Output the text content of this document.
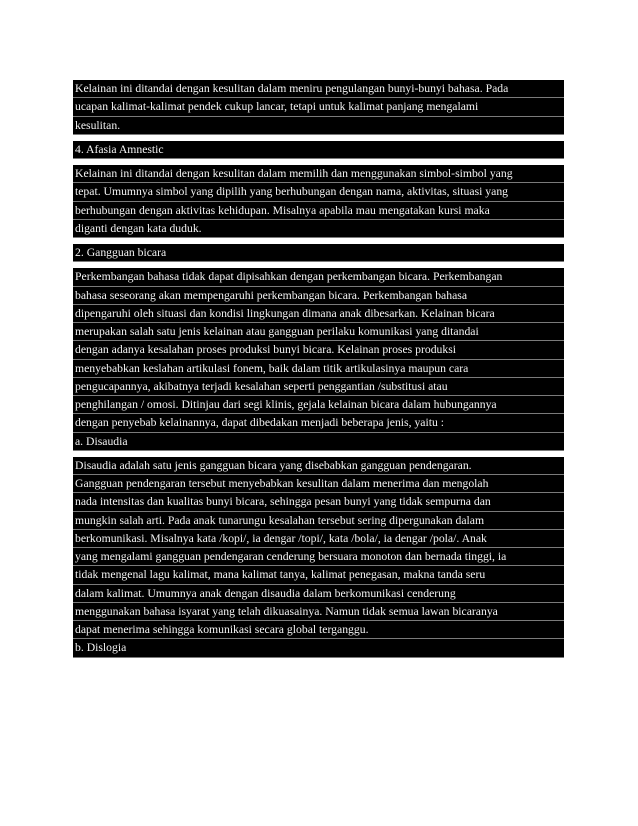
Kelainan ini ditandai dengan kesulitan dalam meniru pengulangan bunyi-bunyi bahasa. Pada
ucapan kalimat-kalimat pendek cukup lancar, tetapi untuk kalimat panjang mengalami
kesulitan.
4. Afasia Amnestic
Kelainan ini ditandai dengan kesulitan dalam memilih dan menggunakan simbol-simbol yang
tepat. Umumnya simbol yang dipilih yang berhubungan dengan nama, aktivitas, situasi yang
berhubungan dengan aktivitas kehidupan. Misalnya apabila mau mengatakan kursi maka
diganti dengan kata duduk.
2. Gangguan bicara
Perkembangan bahasa tidak dapat dipisahkan dengan perkembangan bicara. Perkembangan
bahasa seseorang akan mempengaruhi perkembangan bicara. Perkembangan bahasa
dipengaruhi oleh situasi dan kondisi lingkungan dimana anak dibesarkan. Kelainan bicara
merupakan salah satu jenis kelainan atau gangguan perilaku komunikasi yang ditandai
dengan adanya kesalahan proses produksi bunyi bicara. Kelainan proses produksi
menyebabkan keslahan artikulasi fonem, baik dalam titik artikulasinya maupun cara
pengucapannya, akibatnya terjadi kesalahan seperti penggantian /substitusi atau
penghilangan / omosi. Ditinjau dari segi klinis, gejala kelainan bicara dalam hubungannya
dengan penyebab kelainannya, dapat dibedakan menjadi beberapa jenis, yaitu :
a. Disaudia
Disaudia adalah satu jenis gangguan bicara yang disebabkan gangguan pendengaran.
Gangguan pendengaran tersebut menyebabkan kesulitan dalam menerima dan mengolah
nada intensitas dan kualitas bunyi bicara, sehingga pesan bunyi yang tidak sempurna dan
mungkin salah arti. Pada anak tunarungu kesalahan tersebut sering dipergunakan dalam
berkomunikasi. Misalnya kata /kopi/, ia dengar /topi/, kata /bola/, ia dengar /pola/. Anak
yang mengalami gangguan pendengaran cenderung bersuara monoton dan bernada tinggi, ia
tidak mengenal lagu kalimat, mana kalimat tanya, kalimat penegasan, makna tanda seru
dalam kalimat. Umumnya anak dengan disaudia dalam berkomunikasi cenderung
menggunakan bahasa isyarat yang telah dikuasainya. Namun tidak semua lawan bicaranya
dapat menerima sehingga komunikasi secara global terganggu.
b. Dislogia
